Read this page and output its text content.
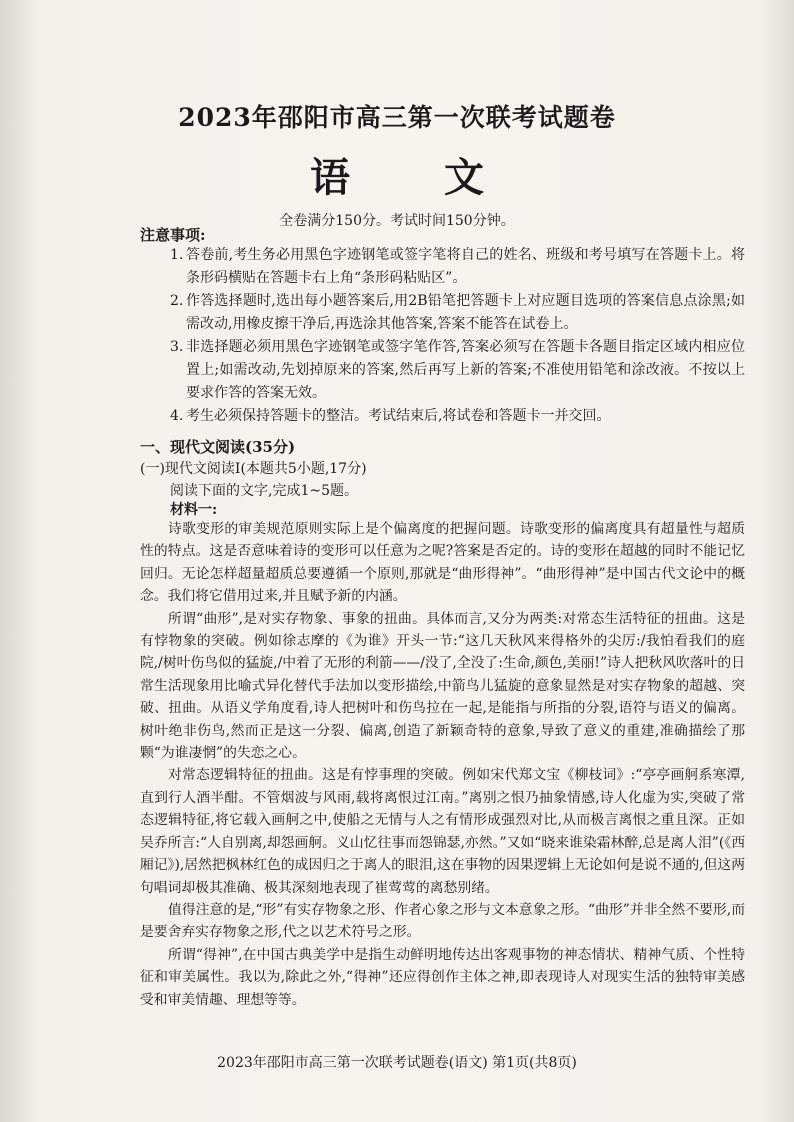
2023年邵阳市高三第一次联考试题卷
语 文
全卷满分150分。考试时间150分钟。
注意事项:
1. 答卷前,考生务必用黑色字迹钢笔或签字笔将自己的姓名、班级和考号填写在答题卡上。将条形码横贴在答题卡右上角“条形码粘贴区”。
2. 作答选择题时,选出每小题答案后,用2B铅笔把答题卡上对应题目选项的答案信息点涂黑;如需改动,用橡皮擦干净后,再选涂其他答案,答案不能答在试卷上。
3. 非选择题必须用黑色字迹钢笔或签字笔作答,答案必须写在答题卡各题目指定区域内相应位置上;如需改动,先划掉原来的答案,然后再写上新的答案;不准使用铅笔和涂改液。不按以上要求作答的答案无效。
4. 考生必须保持答题卡的整洁。考试结束后,将试卷和答题卡一并交回。
一、现代文阅读(35分)
(一)现代文阅读Ⅰ(本题共5小题,17分)
阅读下面的文字,完成1~5题。
材料一:

诗歌变形的审美规范原则实际上是个偏离度的把握问题。诗歌变形的偏离度具有超量性与超质性的特点。这是否意味着诗的变形可以任意为之呢?答案是否定的。诗的变形在超越的同时不能记忆回归。无论怎样超量超质总要遵循一个原则,那就是“曲形得神”。“曲形得神”是中国古代文论中的概念。我们将它借用过来,并且赋予新的内涵。

所谓“曲形”,是对实存物象、事象的扭曲。具体而言,又分为两类:对常态生活特征的扭曲。这是有悖物象的突破。例如徐志摩的《为谁》开头一节:“这几天秋风来得格外的尖厉:/我怕看我们的庭院,/树叶伤鸟似的猛旋,/中着了无形的利箭——/没了,全没了:生命,颜色,美丽!”诗人把秋风吹落叶的日常生活现象用比喻式异化替代手法加以变形描绘,中箭鸟儿猛旋的意象显然是对实存物象的超越、突破、扭曲。从语义学角度看,诗人把树叶和伤鸟拉在一起,是能指与所指的分裂,语符与语义的偏离。树叶绝非伤鸟,然而正是这一分裂、偏离,创造了新颖奇特的意象,导致了意义的重建,准确描绘了那颗“为谁凄惘”的失恋之心。

对常态逻辑特征的扭曲。这是有悖事理的突破。例如宋代郑文宝《柳枝词》:“亭亭画舸系寒潭,直到行人酒半酣。不管烟波与风雨,载将离恨过江南。”离别之恨乃抽象情感,诗人化虚为实,突破了常态逻辑特征,将它载入画舸之中,使船之无情与人之有情形成强烈对比,从而极言离恨之重且深。正如吴乔所言:“人自别离,却怨画舸。义山忆往事而怨锦瑟,亦然。”又如“晓来谁染霜林醉,总是离人泪”(《西厢记》),居然把枫林红色的成因归之于离人的眼泪,这在事物的因果逻辑上无论如何是说不通的,但这两句唱词却极其准确、极其深刻地表现了崔莺莺的离愁别绪。

值得注意的是,“形”有实存物象之形、作者心象之形与文本意象之形。“曲形”并非全然不要形,而是要舍弃实存物象之形,代之以艺术符号之形。

所谓“得神”,在中国古典美学中是指生动鲜明地传达出客观事物的神态情状、精神气质、个性特征和审美属性。我以为,除此之外,“得神”还应得创作主体之神,即表现诗人对现实生活的独特审美感受和审美情趣、理想等等。

2023年邵阳市高三第一次联考试题卷(语文) 第1页(共8页)
